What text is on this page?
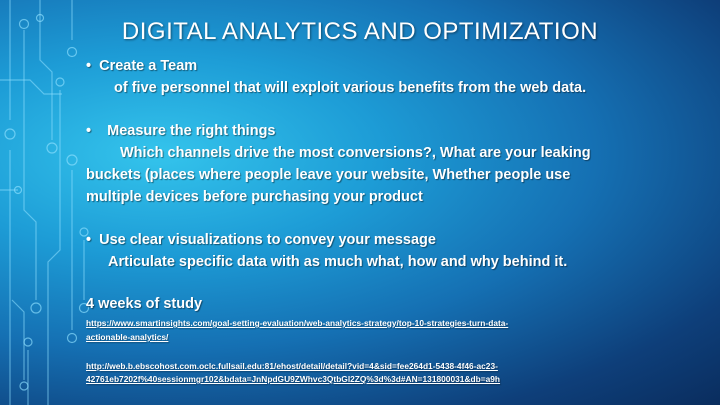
DIGITAL ANALYTICS AND OPTIMIZATION
• Create a Team
of five personnel that will exploit various benefits from the web data.
• Measure the right things
Which channels drive the most conversions?, What are your leaking
buckets (places where people leave your website, Whether people use
multiple devices before purchasing your product
• Use clear visualizations to convey your message
Articulate specific data with as much what, how and why behind it.
4 weeks of study
https://www.smartinsights.com/goal-setting-evaluation/web-analytics-strategy/top-10-strategies-turn-data-
actionable-analytics/
http://web.b.ebscohost.com.oclc.fullsail.edu:81/ehost/detail/detail?vid=4&sid=fee264d1-5438-4f46-ac23-
42761eb7202f%40sessionmgr102&bdata=JnNpdGU9ZWhvc3QtbGl2ZQ%3d%3d#AN=131800031&db=a9h
